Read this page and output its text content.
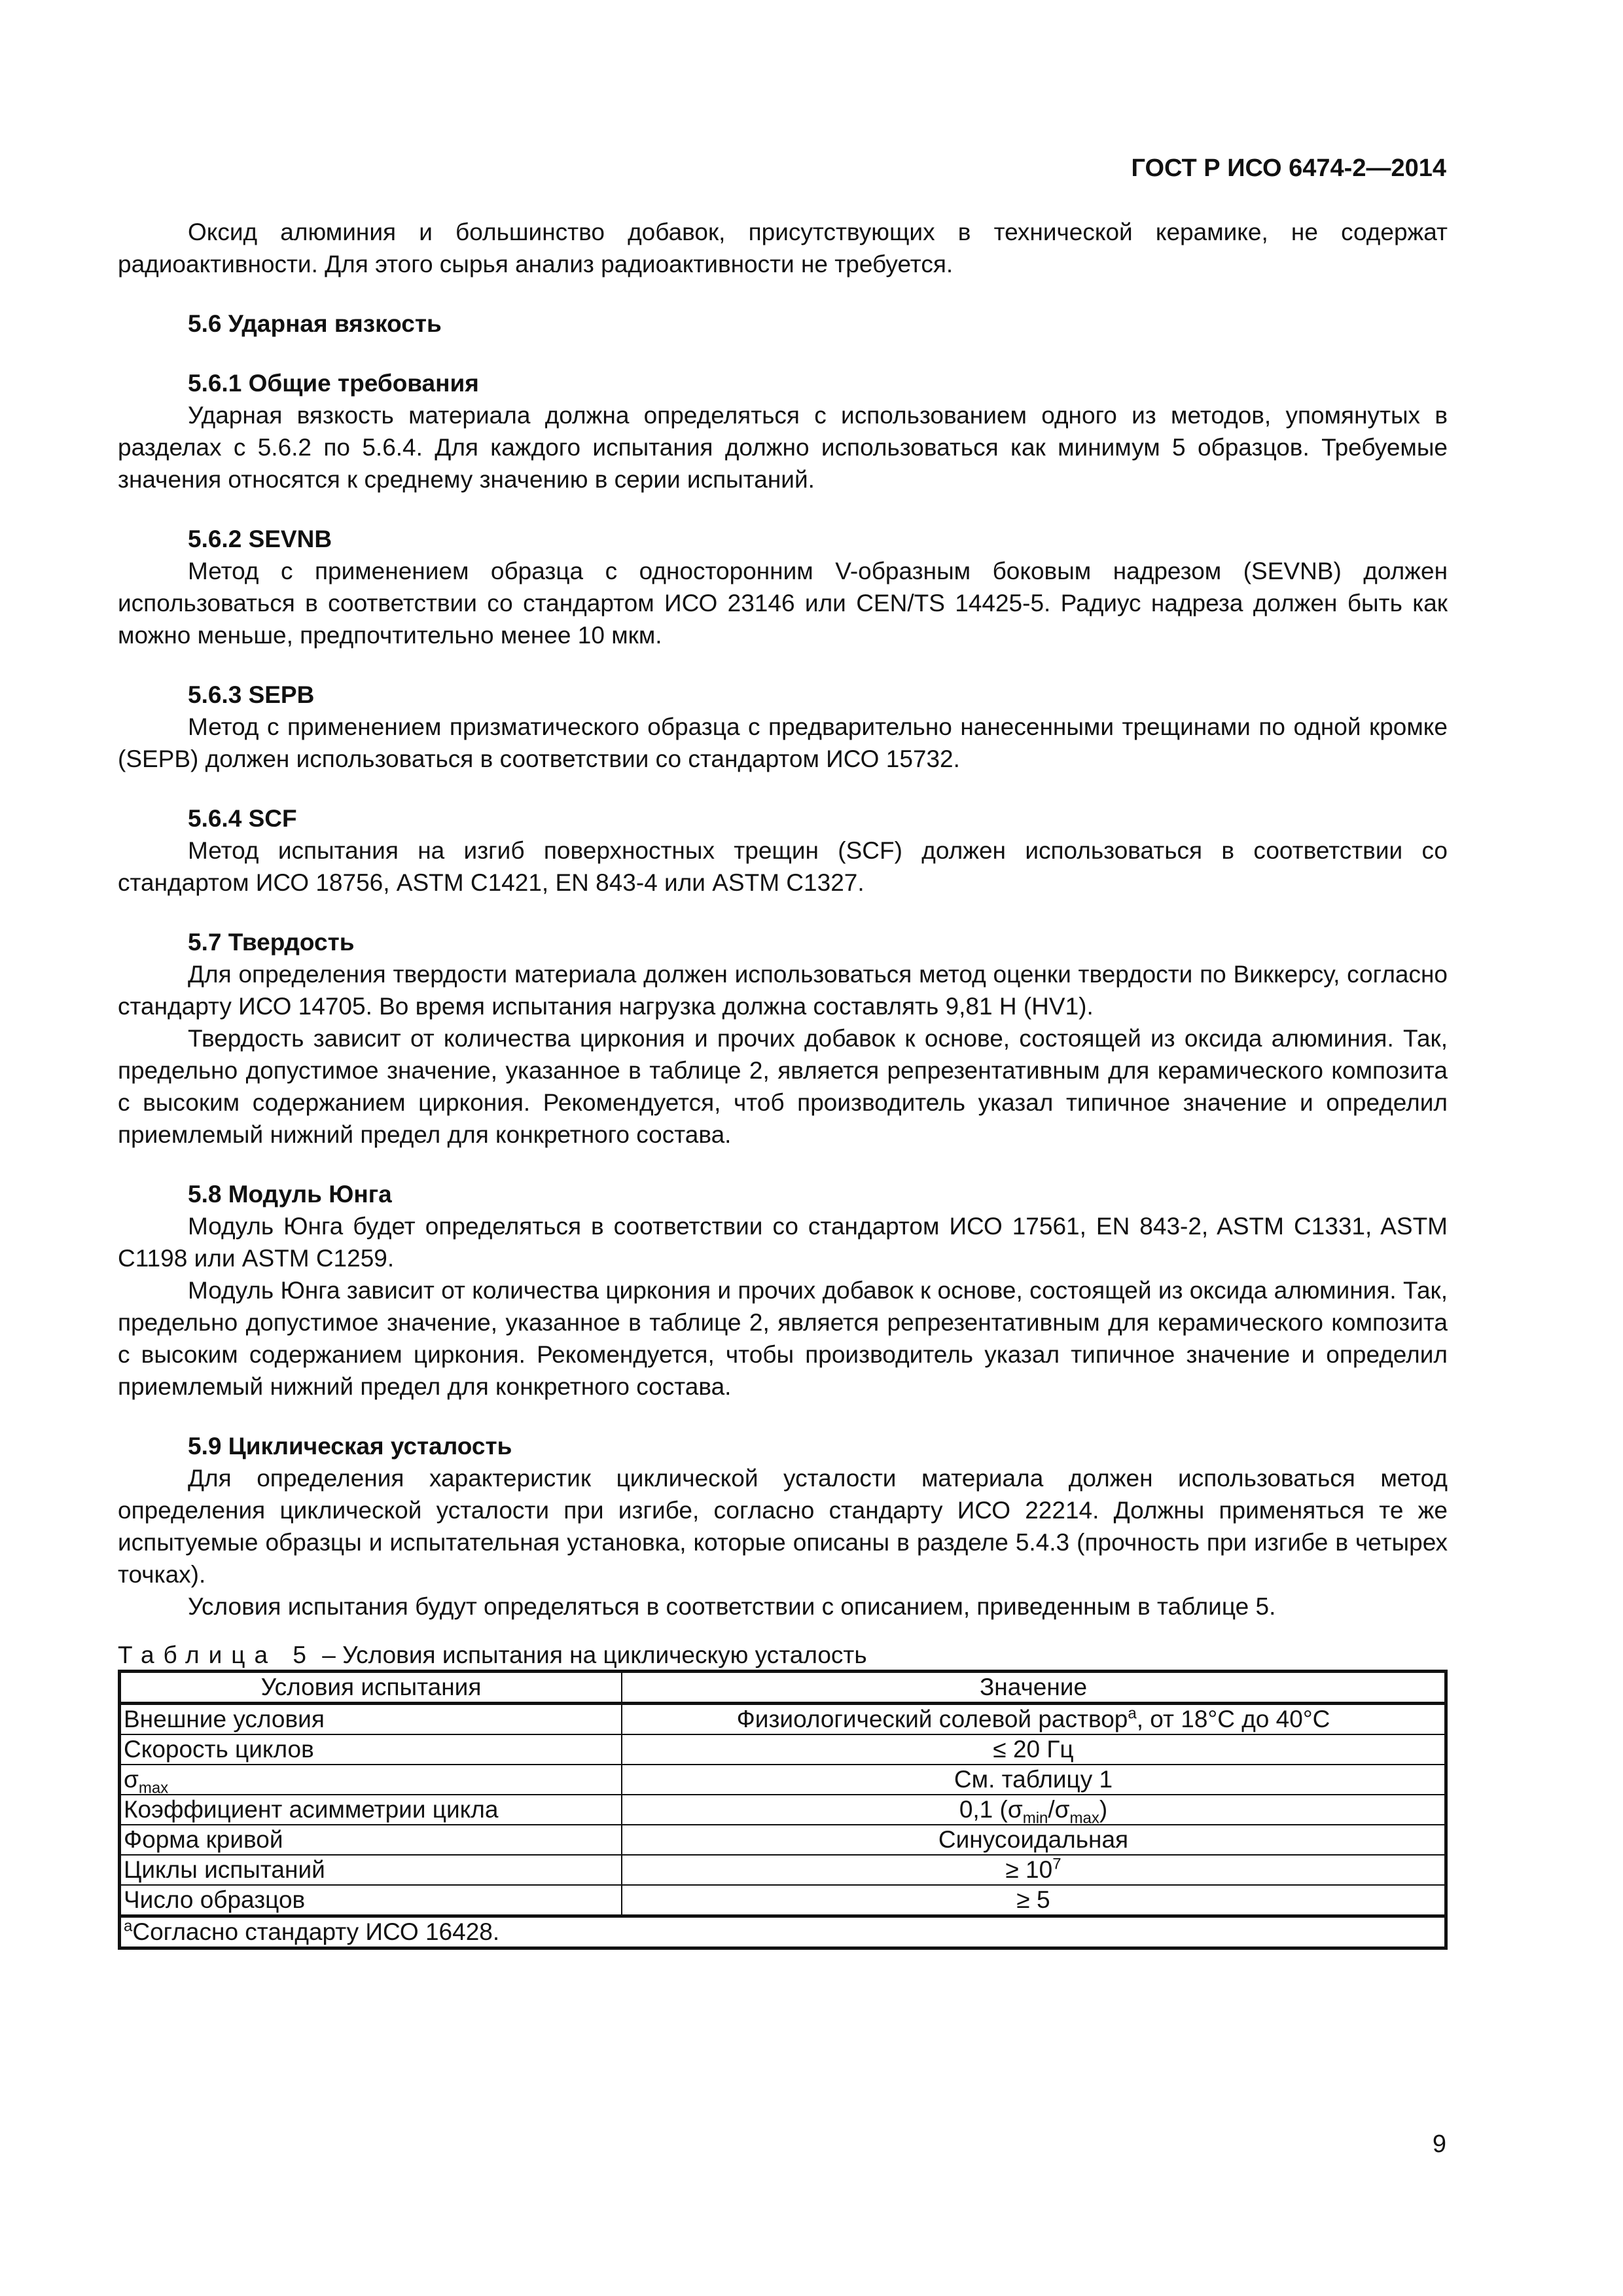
ГОСТ Р ИСО 6474-2—2014

Оксид алюминия и большинство добавок, присутствующих в технической керамике, не содержат радиоактивности. Для этого сырья анализ радиоактивности не требуется.

5.6 Ударная вязкость

5.6.1 Общие требования

Ударная вязкость материала должна определяться с использованием одного из методов, упомянутых в разделах с 5.6.2 по 5.6.4. Для каждого испытания должно использоваться как минимум 5 образцов. Требуемые значения относятся к среднему значению в серии испытаний.

5.6.2 SEVNB

Метод с применением образца с односторонним V-образным боковым надрезом (SEVNB) должен использоваться в соответствии со стандартом ИСО 23146 или CEN/TS 14425-5. Радиус надреза должен быть как можно меньше, предпочтительно менее 10 мкм.

5.6.3 SEPB

Метод с применением призматического образца с предварительно нанесенными трещинами по одной кромке (SEPB) должен использоваться в соответствии со стандартом ИСО 15732.

5.6.4 SCF

Метод испытания на изгиб поверхностных трещин (SCF) должен использоваться в соответствии со стандартом ИСО 18756, ASTM C1421, EN 843-4 или ASTM C1327.

5.7 Твердость

Для определения твердости материала должен использоваться метод оценки твердости по Виккерсу, согласно стандарту ИСО 14705. Во время испытания нагрузка должна составлять 9,81 Н (HV1).

Твердость зависит от количества циркония и прочих добавок к основе, состоящей из оксида алюминия. Так, предельно допустимое значение, указанное в таблице 2, является репрезентативным для керамического композита с высоким содержанием циркония. Рекомендуется, чтоб производитель указал типичное значение и определил приемлемый нижний предел для конкретного состава.

5.8 Модуль Юнга

Модуль Юнга будет определяться в соответствии со стандартом ИСО 17561, EN 843-2, ASTM C1331, ASTM C1198 или ASTM C1259.

Модуль Юнга зависит от количества циркония и прочих добавок к основе, состоящей из оксида алюминия. Так, предельно допустимое значение, указанное в таблице 2, является репрезентативным для керамического композита с высоким содержанием циркония. Рекомендуется, чтобы производитель указал типичное значение и определил приемлемый нижний предел для конкретного состава.

5.9 Циклическая усталость

Для определения характеристик циклической усталости материала должен использоваться метод определения циклической усталости при изгибе, согласно стандарту ИСО 22214. Должны применяться те же испытуемые образцы и испытательная установка, которые описаны в разделе 5.4.3 (прочность при изгибе в четырех точках).

Условия испытания будут определяться в соответствии с описанием, приведенным в таблице 5.

Таблица 5 – Условия испытания на циклическую усталость

Условия испытания	Значение
Внешние условия	Физиологический солевой раствор$^a$, от 18°C до 40°C
Скорость циклов	≤ 20 Гц
$\sigma_{max}$	См. таблицу 1
Коэффициент асимметрии цикла	0,1 $(\sigma_{min}/\sigma_{max})$
Форма кривой	Синусоидальная
Циклы испытаний	≥ $10^7$
Число образцов	≥ 5
$^a$Согласно стандарту ИСО 16428.	
9
